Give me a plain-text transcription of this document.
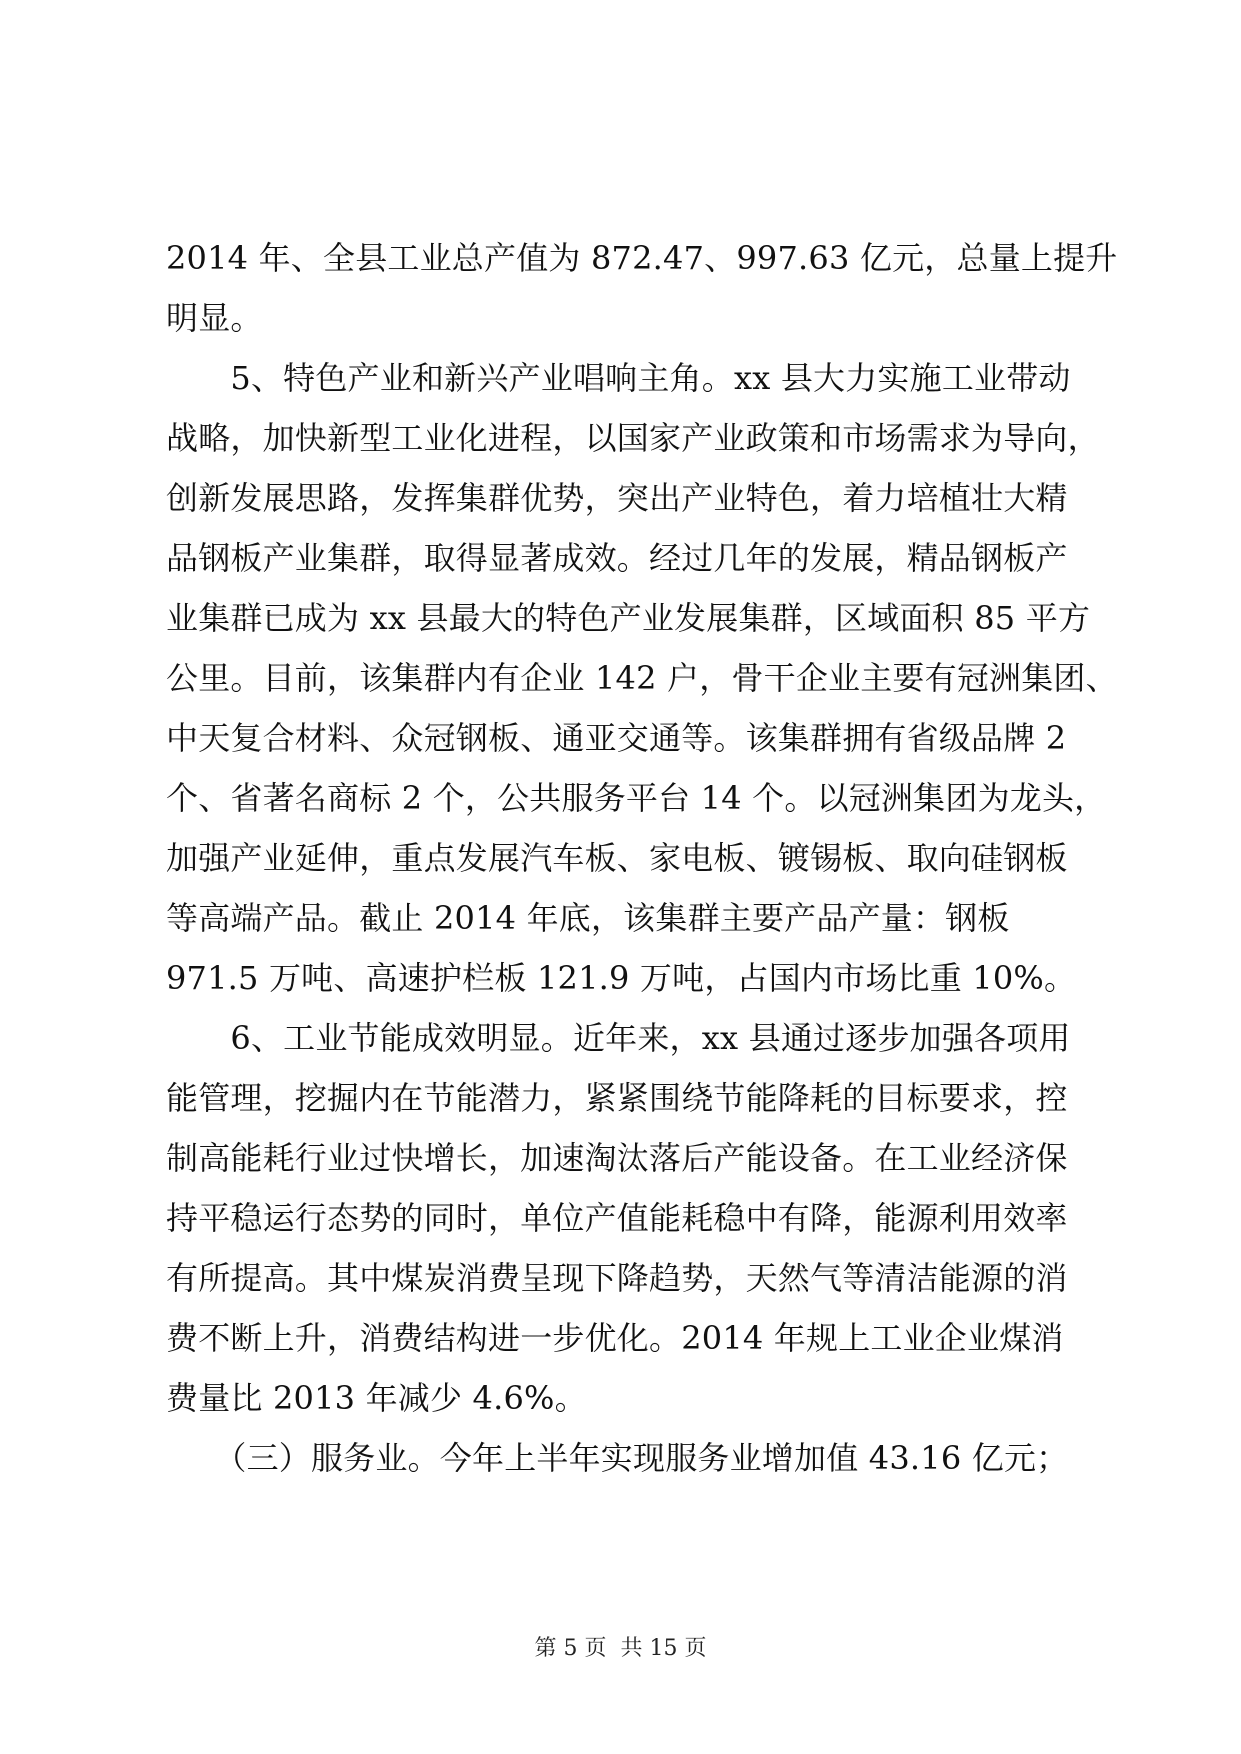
2014 年、全县工业总产值为 872.47、997.63 亿元，总量上提升
明显。
　　5、特色产业和新兴产业唱响主角。xx 县大力实施工业带动
战略，加快新型工业化进程，以国家产业政策和市场需求为导向，
创新发展思路，发挥集群优势，突出产业特色，着力培植壮大精
品钢板产业集群，取得显著成效。经过几年的发展，精品钢板产
业集群已成为 xx 县最大的特色产业发展集群，区域面积 85 平方
公里。目前，该集群内有企业 142 户，骨干企业主要有冠洲集团、
中天复合材料、众冠钢板、通亚交通等。该集群拥有省级品牌 2
个、省著名商标 2 个，公共服务平台 14 个。以冠洲集团为龙头，
加强产业延伸，重点发展汽车板、家电板、镀锡板、取向硅钢板
等高端产品。截止 2014 年底，该集群主要产品产量：钢板
971.5 万吨、高速护栏板 121.9 万吨，占国内市场比重 10%。
　　6、工业节能成效明显。近年来，xx 县通过逐步加强各项用
能管理，挖掘内在节能潜力，紧紧围绕节能降耗的目标要求，控
制高能耗行业过快增长，加速淘汰落后产能设备。在工业经济保
持平稳运行态势的同时，单位产值能耗稳中有降，能源利用效率
有所提高。其中煤炭消费呈现下降趋势，天然气等清洁能源的消
费不断上升，消费结构进一步优化。2014 年规上工业企业煤消
费量比 2013 年减少 4.6%。
　　（三）服务业。今年上半年实现服务业增加值 43.16 亿元；
第 5 页  共 15 页
